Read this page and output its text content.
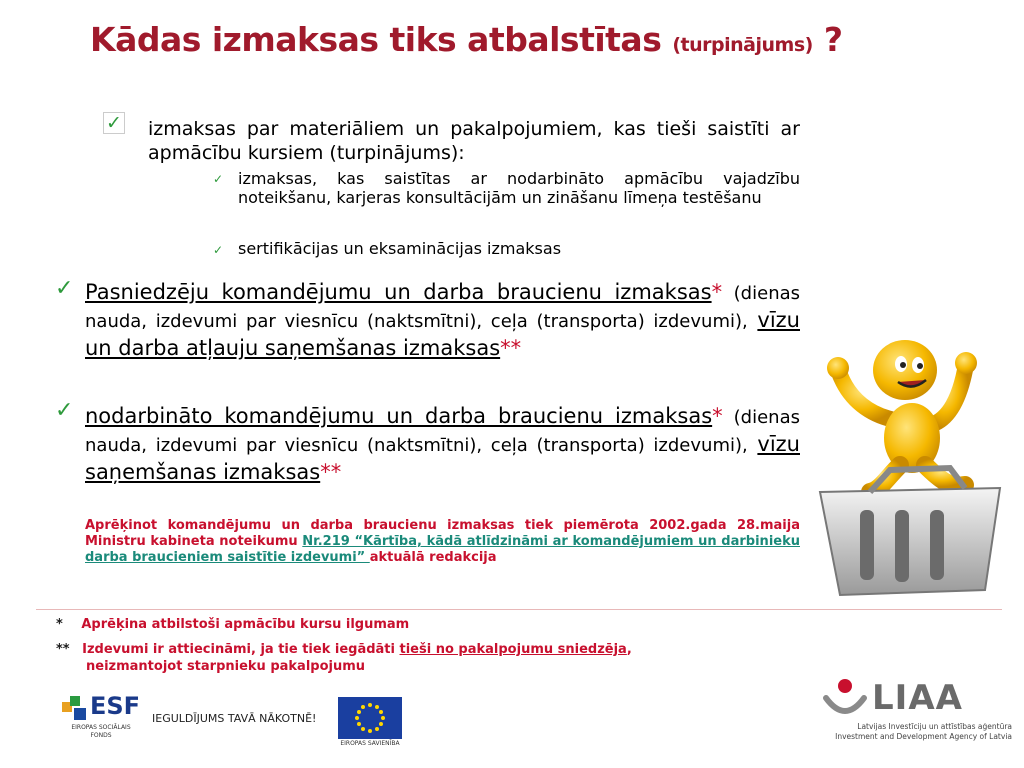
Kādas izmaksas tiks atbalstītas (turpinājums) ?
✓ izmaksas par materiāliem un pakalpojumiem, kas tieši saistīti ar apmācību kursiem (turpinājums):
✓ izmaksas, kas saistītas ar nodarbināto apmācību vajadzību noteikšanu, karjeras konsultācijām un zināšanu līmeņa testēšanu
✓ sertifikācijas un eksaminācijas izmaksas
✓ Pasniedzēju komandējumu un darba braucienu izmaksas* (dienas nauda, izdevumi par viesnīcu (naktsmītni), ceļa (transporta) izdevumi), vīzu un darba atļauju saņemšanas izmaksas**
✓ nodarbināto komandējumu un darba braucienu izmaksas* (dienas nauda, izdevumi par viesnīcu (naktsmītni), ceļa (transporta) izdevumi), vīzu saņemšanas izmaksas**
Aprēķinot komandējumu un darba braucienu izmaksas tiek piemērota 2002.gada 28.maija Ministru kabineta noteikumu Nr.219 “Kārtība, kādā atlīdzināmi ar komandējumiem un darbinieku darba braucieniem saistītie izdevumi” aktuālā redakcija
* Aprēķina atbilstoši apmācību kursu ilgumam
** Izdevumi ir attiecināmi, ja tie tiek iegādāti tieši no pakalpojumu sniedzēja,
neizmantojot starpnieku pakalpojumu
ESF
EIROPAS SOCIĀLAIS FONDS
IEGULDĪJUMS TAVĀ NĀKOTNĒ!
EIROPAS SAVIENĪBA
LIAA
Latvijas Investīciju un attīstības aģentūra
Investment and Development Agency of Latvia
